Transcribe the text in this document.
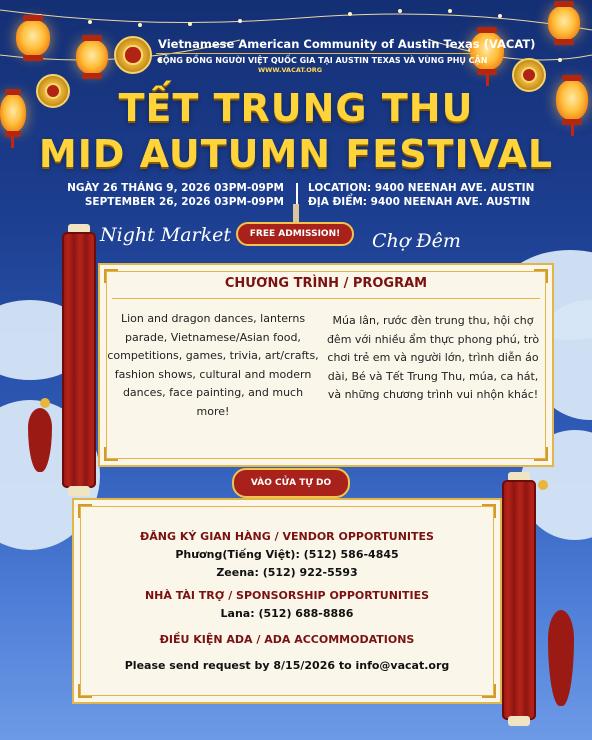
Vietnamese American Community of Austin Texas (VACAT)
CỘNG ĐỒNG NGƯỜI VIỆT QUỐC GIA TẠI AUSTIN TEXAS VÀ VÙNG PHỤ CẬN
WWW.VACAT.ORG
TẾT TRUNG THU
MID AUTUMN FESTIVAL
NGÀY 26 THÁNG 9, 2026 03PM-09PM
SEPTEMBER 26, 2026 03PM-09PM
LOCATION: 9400 NEENAH AVE. AUSTIN
ĐỊA ĐIỂM: 9400 NEENAH AVE. AUSTIN
Night Market	FREE ADMISSION!	Chợ Đêm
CHƯƠNG TRÌNH / PROGRAM
Lion and dragon dances, lanterns parade, Vietnamese/Asian food, competitions, games, trivia, art/crafts, fashion shows, cultural and modern dances, face painting, and much more!
Múa lân, rước đèn trung thu, hội chợ đêm với nhiều ẩm thực phong phú, trò chơi trẻ em và người lớn, trình diễn áo dài, Bé và Tết Trung Thu, múa, ca hát, và những chương trình vui nhộn khác!
VÀO CỬA TỰ DO
ĐĂNG KÝ GIAN HÀNG / VENDOR OPPORTUNITES
Phương(Tiếng Việt): (512) 586-4845
Zeena: (512) 922-5593
NHÀ TÀI TRỢ / SPONSORSHIP OPPORTUNITIES
Lana: (512) 688-8886
ĐIỀU KIỆN ADA / ADA ACCOMMODATIONS
Please send request by 8/15/2026 to info@vacat.org
